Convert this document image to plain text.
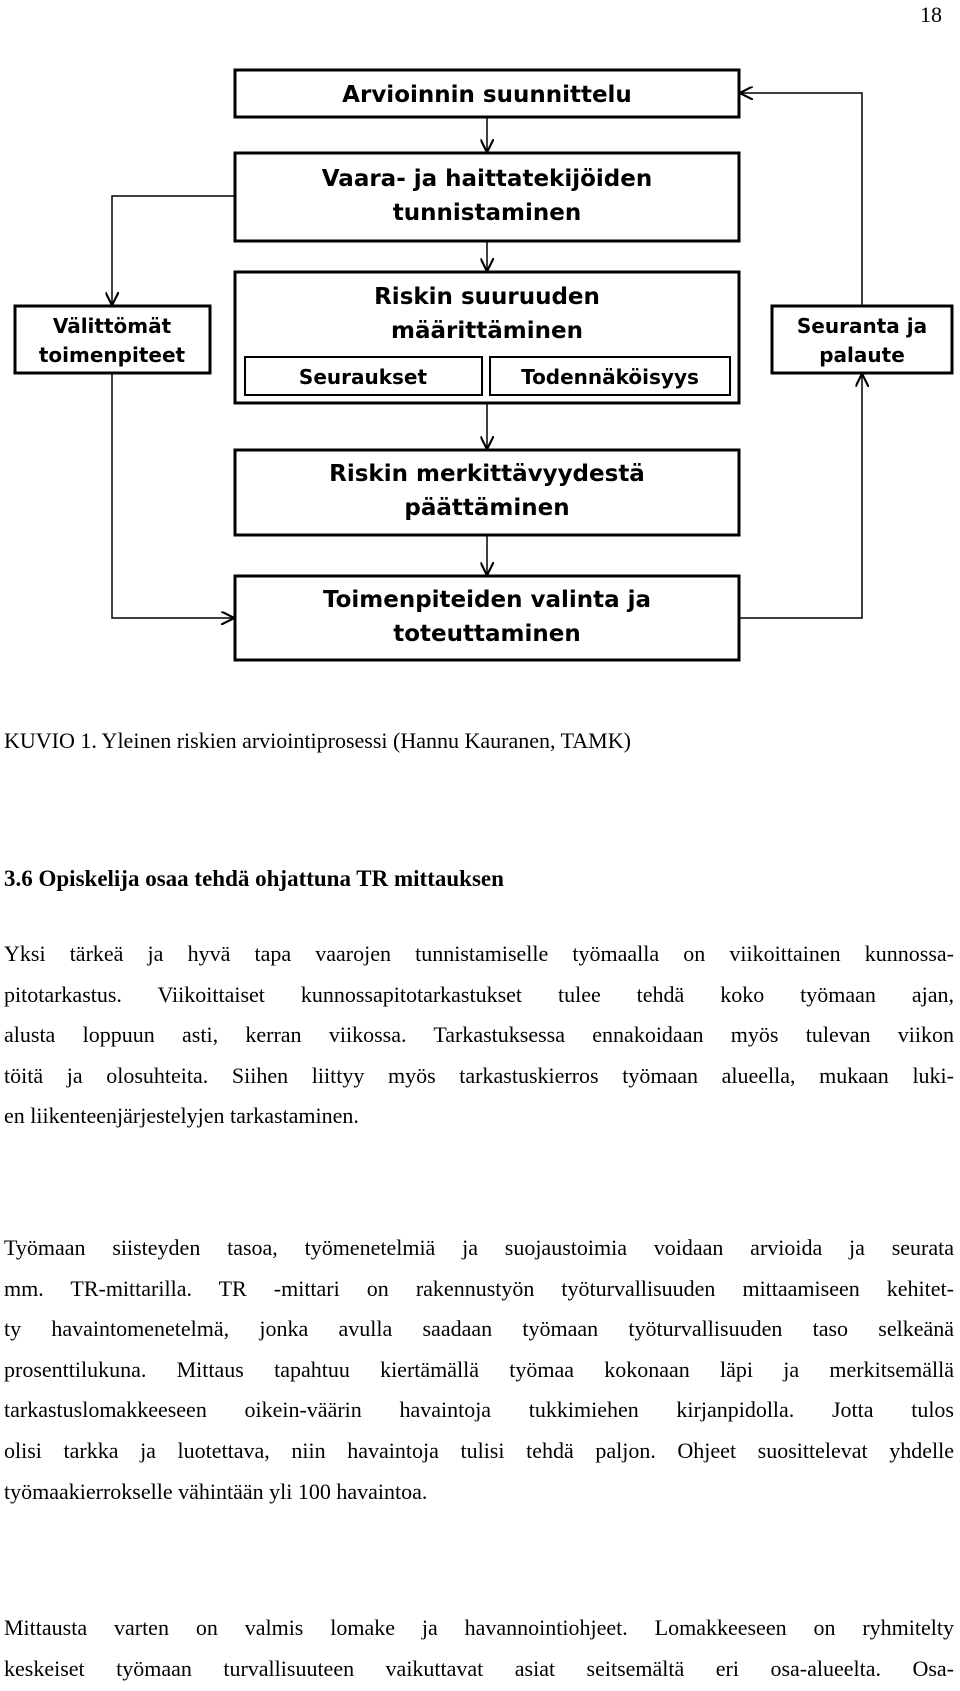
18
Arvioinnin suunnittelu
Vaara- ja haittatekijöiden
tunnistaminen
Riskin suuruuden
määrittäminen
Seuraukset	Todennäköisyys
Riskin merkittävyydestä
päättäminen
Toimenpiteiden valinta ja
toteuttaminen
Välittömät
toimenpiteet
Seuranta ja
palaute
KUVIO 1. Yleinen riskien arviointiprosessi (Hannu Kauranen, TAMK)
3.6 Opiskelija osaa tehdä ohjattuna TR mittauksen
Yksi tärkeä ja hyvä tapa vaarojen tunnistamiselle työmaalla on viikoittainen kunnossa-
pitotarkastus. Viikoittaiset kunnossapitotarkastukset tulee tehdä koko työmaan ajan,
alusta loppuun asti, kerran viikossa. Tarkastuksessa ennakoidaan myös tulevan viikon
töitä ja olosuhteita. Siihen liittyy myös tarkastuskierros työmaan alueella, mukaan luki-
en liikenteenjärjestelyjen tarkastaminen.
Työmaan siisteyden tasoa, työmenetelmiä ja suojaustoimia voidaan arvioida ja seurata
mm. TR-mittarilla. TR -mittari on rakennustyön työturvallisuuden mittaamiseen kehitet-
ty havaintomenetelmä, jonka avulla saadaan työmaan työturvallisuuden taso selkeänä
prosenttilukuna. Mittaus tapahtuu kiertämällä työmaa kokonaan läpi ja merkitsemällä
tarkastuslomakkeeseen oikein-väärin havaintoja tukkimiehen kirjanpidolla. Jotta tulos
olisi tarkka ja luotettava, niin havaintoja tulisi tehdä paljon. Ohjeet suosittelevat yhdelle
työmaakierrokselle vähintään yli 100 havaintoa.
Mittausta varten on valmis lomake ja havannointiohjeet. Lomakkeeseen on ryhmitelty
keskeiset työmaan turvallisuuteen vaikuttavat asiat seitsemältä eri osa-alueelta. Osa-
